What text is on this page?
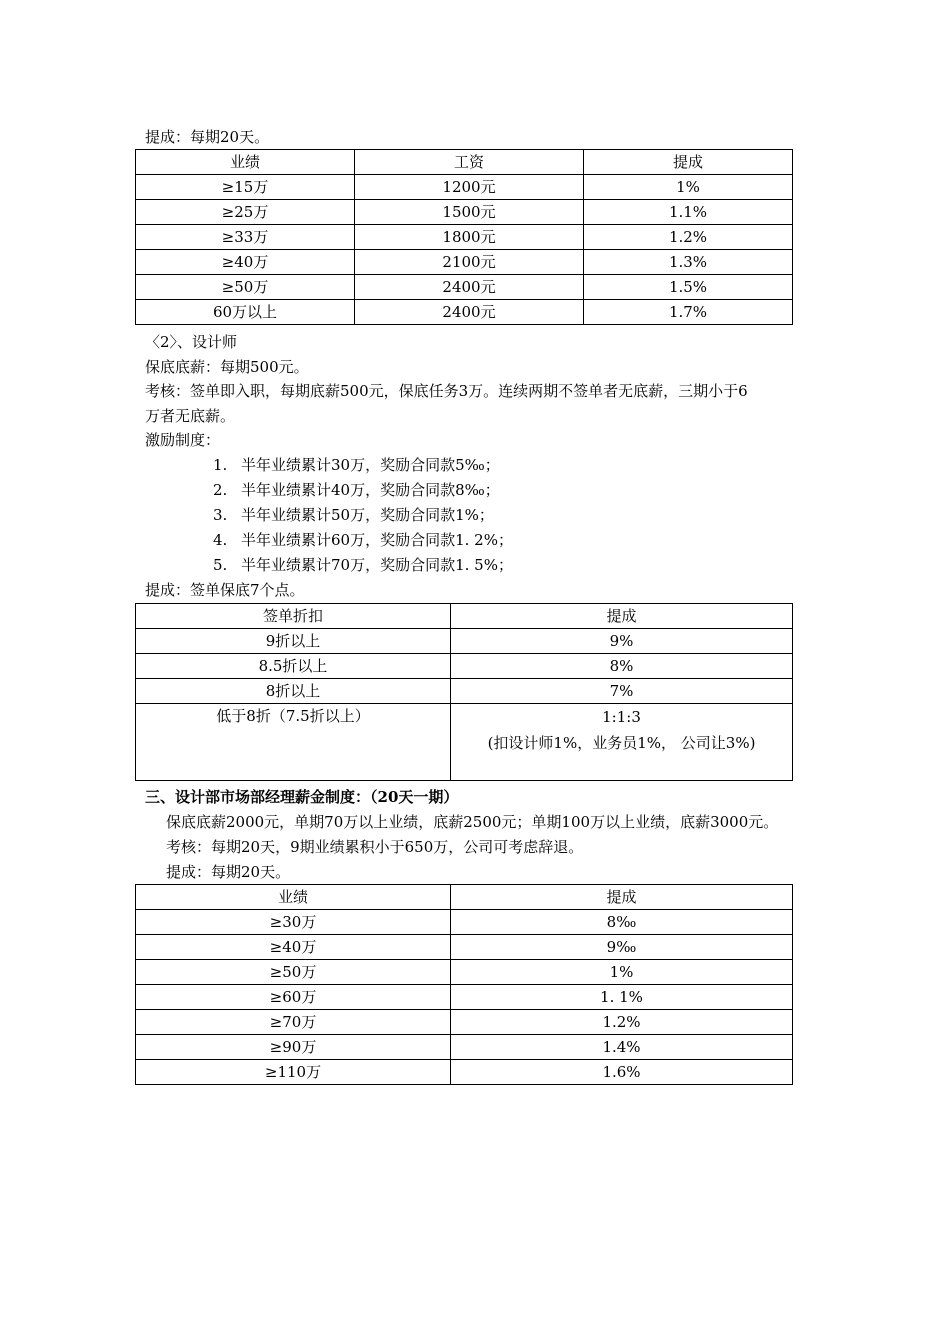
提成：每期20天。
业绩	工资	提成
≥15万	1200元	1%
≥25万	1500元	1.1%
≥33万	1800元	1.2%
≥40万	2100元	1.3%
≥50万	2400元	1.5%
60万以上	2400元	1.7%
〈2〉、设计师
保底底薪：每期500元。
考核：签单即入职，每期底薪500元，保底任务3万。连续两期不签单者无底薪，三期小于6
万者无底薪。
激励制度：
1. 半年业绩累计30万，奖励合同款5‰；
2. 半年业绩累计40万，奖励合同款8‰；
3. 半年业绩累计50万，奖励合同款1%；
4. 半年业绩累计60万，奖励合同款1. 2%；
5. 半年业绩累计70万，奖励合同款1. 5%；
提成：签单保底7个点。
签单折扣	提成
9折以上	9%
8.5折以上	8%
8折以上	7%
低于8折（7.5折以上）	1:1:3
(扣设计师1%，业务员1%， 公司让3%)
三、设计部市场部经理薪金制度：（20天一期）
保底底薪2000元，单期70万以上业绩，底薪2500元；单期100万以上业绩，底薪3000元。
考核：每期20天，9期业绩累积小于650万，公司可考虑辞退。
提成：每期20天。
业绩	提成
≥30万	8‰
≥40万	9‰
≥50万	1%
≥60万	1. 1%
≥70万	1.2%
≥90万	1.4%
≥110万	1.6%
